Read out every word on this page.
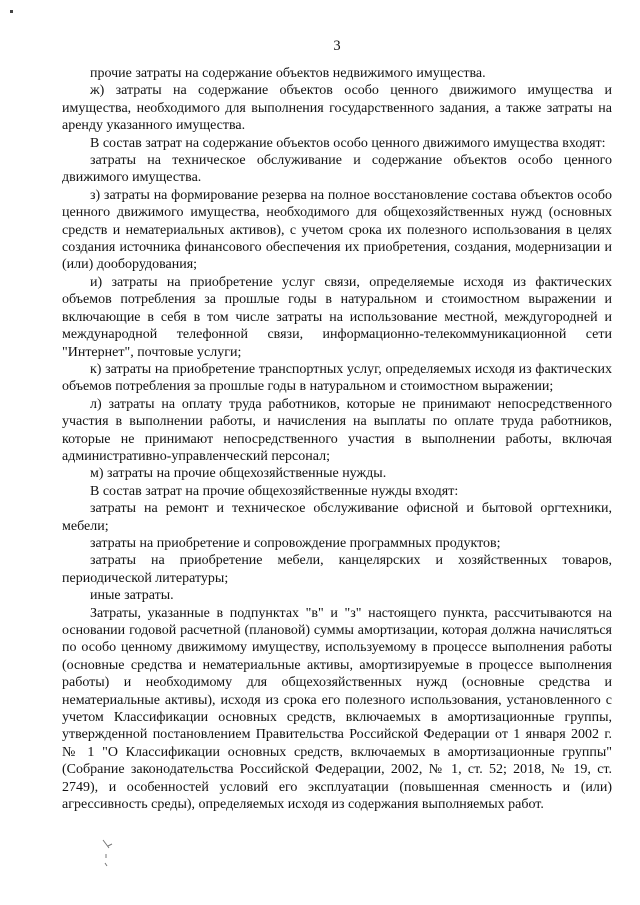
3

прочие затраты на содержание объектов недвижимого имущества.

ж) затраты на содержание объектов особо ценного движимого имущества и имущества, необходимого для выполнения государственного задания, а также затраты на аренду указанного имущества.

В состав затрат на содержание объектов особо ценного движимого имущества входят:

затраты на техническое обслуживание и содержание объектов особо ценного движимого имущества.

з) затраты на формирование резерва на полное восстановление состава объектов особо ценного движимого имущества, необходимого для общехозяйственных нужд (основных средств и нематериальных активов), с учетом срока их полезного использования в целях создания источника финансового обеспечения их приобретения, создания, модернизации и (или) дооборудования;

и) затраты на приобретение услуг связи, определяемые исходя из фактических объемов потребления за прошлые годы в натуральном и стоимостном выражении и включающие в себя в том числе затраты на использование местной, междугородней и международной телефонной связи, информационно-телекоммуникационной сети "Интернет", почтовые услуги;

к) затраты на приобретение транспортных услуг, определяемых исходя из фактических объемов потребления за прошлые годы в натуральном и стоимостном выражении;

л) затраты на оплату труда работников, которые не принимают непосредственного участия в выполнении работы, и начисления на выплаты по оплате труда работников, которые не принимают непосредственного участия в выполнении работы, включая административно-управленческий персонал;

м) затраты на прочие общехозяйственные нужды.

В состав затрат на прочие общехозяйственные нужды входят:

затраты на ремонт и техническое обслуживание офисной и бытовой оргтехники, мебели;

затраты на приобретение и сопровождение программных продуктов;

затраты на приобретение мебели, канцелярских и хозяйственных товаров, периодической литературы;

иные затраты.

Затраты, указанные в подпунктах "в" и "з" настоящего пункта, рассчитываются на основании годовой расчетной (плановой) суммы амортизации, которая должна начисляться по особо ценному движимому имуществу, используемому в процессе выполнения работы (основные средства и нематериальные активы, амортизируемые в процессе выполнения работы) и необходимому для общехозяйственных нужд (основные средства и нематериальные активы), исходя из срока его полезного использования, установленного с учетом Классификации основных средств, включаемых в амортизационные группы, утвержденной постановлением Правительства Российской Федерации от 1 января 2002 г. № 1 "О Классификации основных средств, включаемых в амортизационные группы" (Собрание законодательства Российской Федерации, 2002, № 1, ст. 52; 2018, № 19, ст. 2749), и особенностей условий его эксплуатации (повышенная сменность и (или) агрессивность среды), определяемых исходя из содержания выполняемых работ.
